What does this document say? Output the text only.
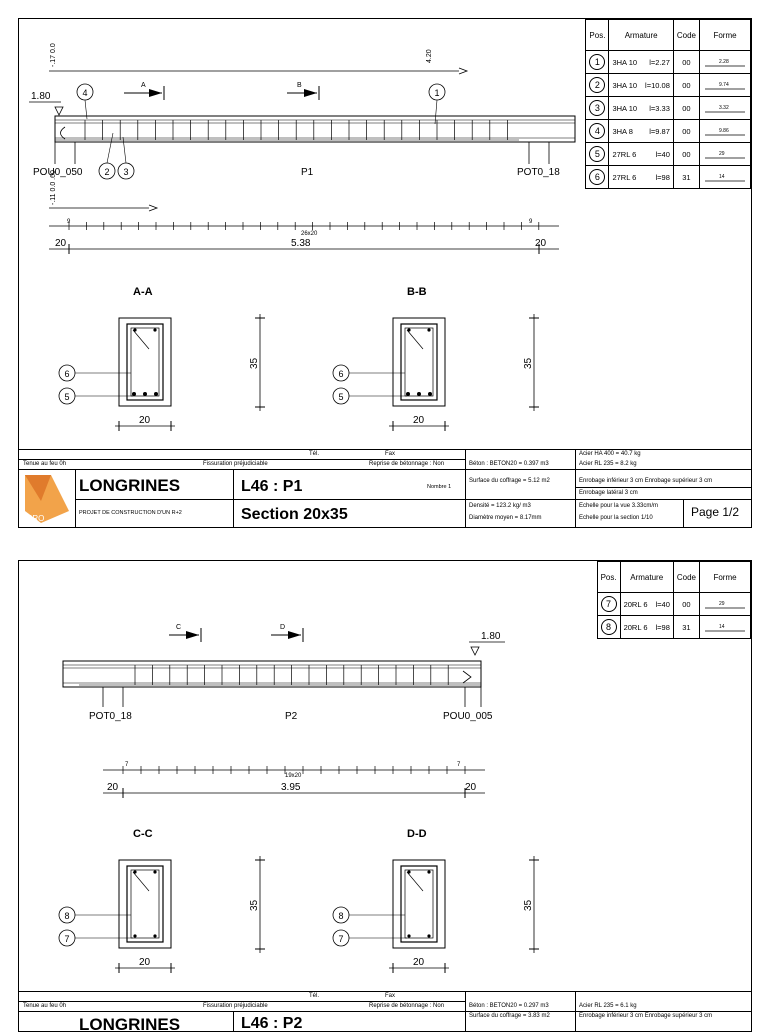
-.17 0.0	4.20
A	B
1.80	4	1
POU0_050 2 3	P1	POT0_18
-.11 0.0 .60
9	9
26x20
20	5.38	20
A-A
6
5
20
35
B-B
6
5
20
35
Pos.	Armature	Code	Forme
1	3HA 10 l=2.27	00	2.28

2	3HA 10 l=10.08	00	9.74

3	3HA 10 l=3.33	00	3.32

4	3HA 8 l=9.87	00	9.86

5	27RL 6 l=40	00	29

6	27RL 6 l=98	31	14
Tél.	Fax
Tenue au feu 0h	Fissuration préjudiciable	Reprise de bétonnage : Non
PRO
LONGRINES
PROJET DE CONSTRUCTION D'UN R+2
L46 : P1
Section 20x35
Nombre 1
Béton : BETON20 = 0.397 m3
Surface du coffrage = 5.12 m2
Densité = 123.2 kg/ m3
Diamètre moyen = 8.17mm
Acier HA 400 = 40.7 kg
Acier RL 235 = 8.2 kg
Enrobage inférieur 3 cm Enrobage supérieur 3 cm
Enrobage latéral 3 cm
Echelle pour la vue 3.33cm/m
Echelle pour la section 1/10	Page 1/2
C	D
1.80
POT0_18	P2	POU0_005
7	7
19x20
20	3.95	20
C-C
8
7
20
35
D-D
8
7
20
35
Pos.	Armature	Code	Forme
7	20RL 6 l=40	00	29

8	20RL 6 l=98	31	14
Tél.	Fax
Tenue au feu 0h	Fissuration préjudiciable	Reprise de bétonnage : Non	Béton : BETON20 = 0.297 m3	Acier RL 235 = 6.1 kg
Surface du coffrage = 3.83 m2	Enrobage inférieur 3 cm Enrobage supérieur 3 cm
LONGRINES	L46 : P2
